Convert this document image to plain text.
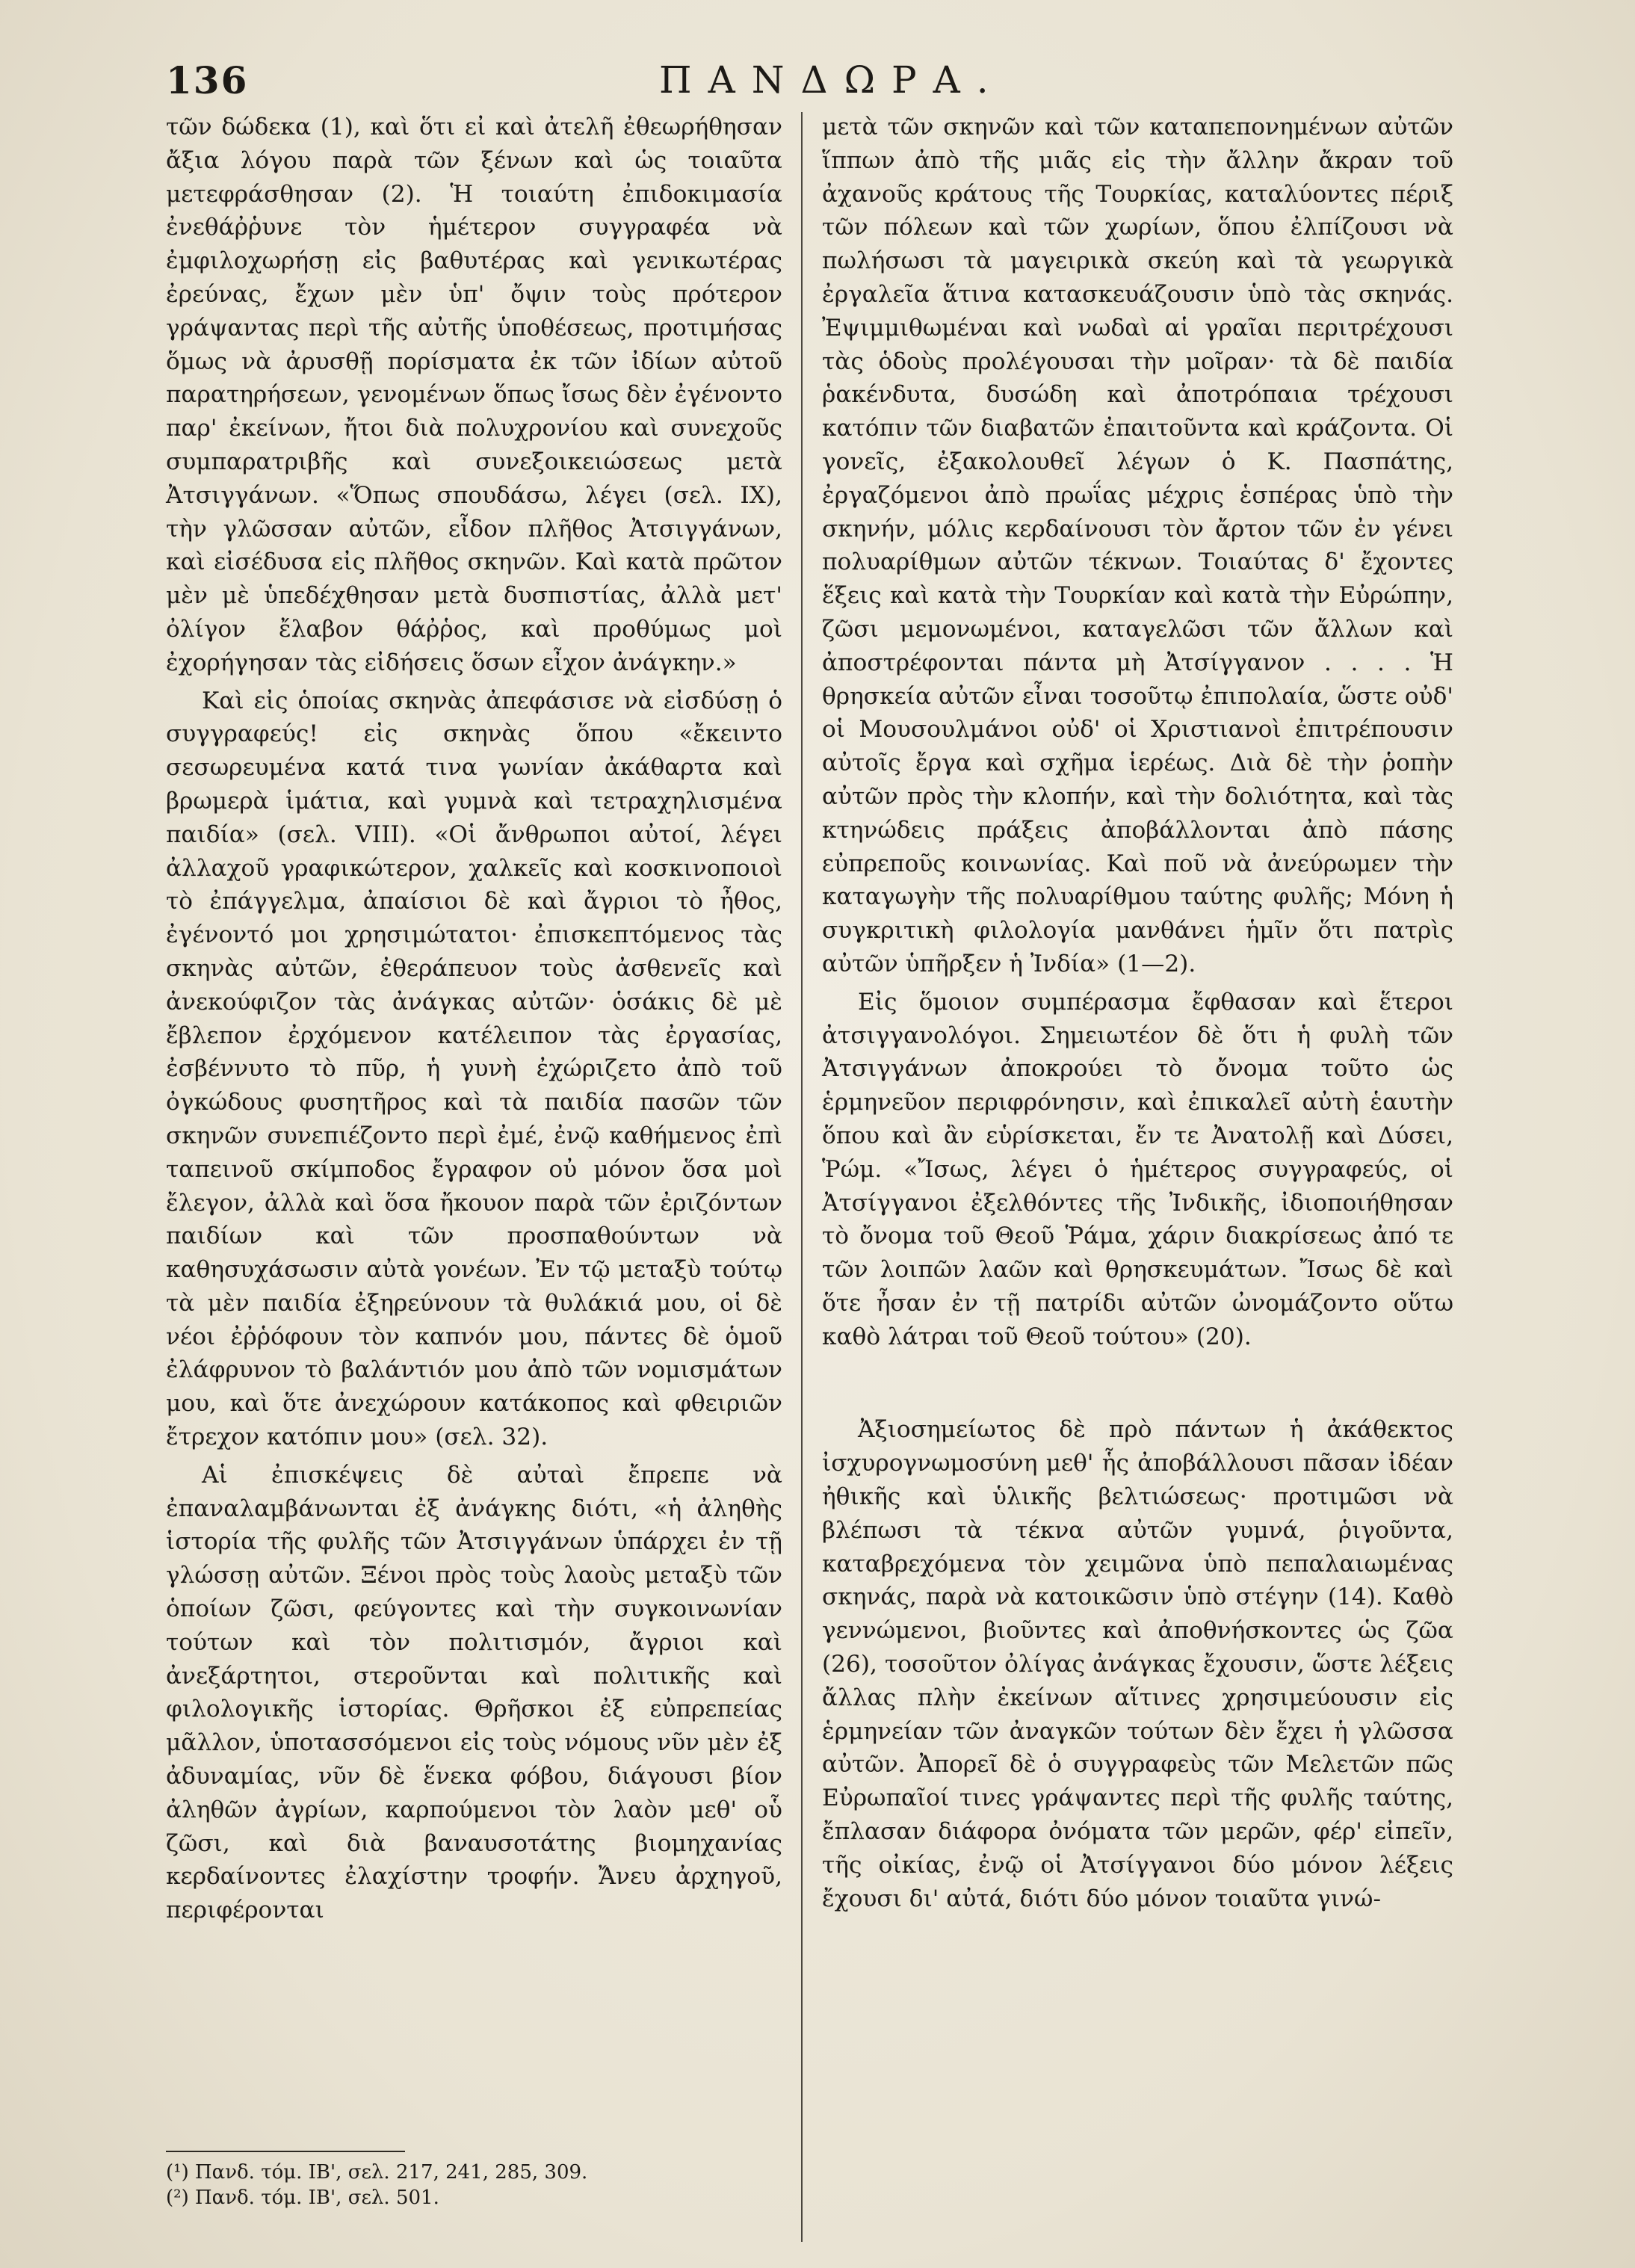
136	ΠΑΝΔΩΡΑ.

τῶν δώδεκα (1), καὶ ὅτι εἰ καὶ ἀτελῆ ἐθεωρήθησαν ἄξια λόγου παρὰ τῶν ξένων καὶ ὡς τοιαῦτα μετεφράσθησαν (2). Ἡ τοιαύτη ἐπιδοκιμασία ἐνεθάῤῥυνε τὸν ἡμέτερον συγγραφέα νὰ ἐμφιλοχωρήσῃ εἰς βαθυτέρας καὶ γενικωτέρας ἐρεύνας, ἔχων μὲν ὑπ' ὄψιν τοὺς πρότερον γράψαντας περὶ τῆς αὐτῆς ὑποθέσεως, προτιμήσας ὅμως νὰ ἀρυσθῇ πορίσματα ἐκ τῶν ἰδίων αὐτοῦ παρατηρήσεων, γενομένων ὅπως ἴσως δὲν ἐγένοντο παρ' ἐκείνων, ἤτοι διὰ πολυχρονίου καὶ συνεχοῦς συμπαρατριβῆς καὶ συνεξοικειώσεως μετὰ Ἀτσιγγάνων. «Ὅπως σπουδάσω, λέγει (σελ. IX), τὴν γλῶσσαν αὐτῶν, εἶδον πλῆθος Ἀτσιγγάνων, καὶ εἰσέδυσα εἰς πλῆθος σκηνῶν. Καὶ κατὰ πρῶτον μὲν μὲ ὑπεδέχθησαν μετὰ δυσπιστίας, ἀλλὰ μετ' ὀλίγον ἔλαβον θάῤῥος, καὶ προθύμως μοὶ ἐχορήγησαν τὰς εἰδήσεις ὅσων εἶχον ἀνάγκην.»

Καὶ εἰς ὁποίας σκηνὰς ἀπεφάσισε νὰ εἰσδύσῃ ὁ συγγραφεύς! εἰς σκηνὰς ὅπου «ἔκειντο σεσωρευμένα κατά τινα γωνίαν ἀκάθαρτα καὶ βρωμερὰ ἱμάτια, καὶ γυμνὰ καὶ τετραχηλισμένα παιδία» (σελ. VIII). «Οἱ ἄνθρωποι αὐτοί, λέγει ἀλλαχοῦ γραφικώτερον, χαλκεῖς καὶ κοσκινοποιοὶ τὸ ἐπάγγελμα, ἀπαίσιοι δὲ καὶ ἄγριοι τὸ ἦθος, ἐγένοντό μοι χρησιμώτατοι· ἐπισκεπτόμενος τὰς σκηνὰς αὐτῶν, ἐθεράπευον τοὺς ἀσθενεῖς καὶ ἀνεκούφιζον τὰς ἀνάγκας αὐτῶν· ὁσάκις δὲ μὲ ἔβλεπον ἐρχόμενον κατέλειπον τὰς ἐργασίας, ἐσβέννυτο τὸ πῦρ, ἡ γυνὴ ἐχώριζετο ἀπὸ τοῦ ὀγκώδους φυσητῆρος καὶ τὰ παιδία πασῶν τῶν σκηνῶν συνεπιέζοντο περὶ ἐμέ, ἐνῷ καθήμενος ἐπὶ ταπεινοῦ σκίμποδος ἔγραφον οὐ μόνον ὅσα μοὶ ἔλεγον, ἀλλὰ καὶ ὅσα ἤκουον παρὰ τῶν ἐριζόντων παιδίων καὶ τῶν προσπαθούντων νὰ καθησυχάσωσιν αὐτὰ γονέων. Ἐν τῷ μεταξὺ τούτῳ τὰ μὲν παιδία ἐξηρεύνουν τὰ θυλάκιά μου, οἱ δὲ νέοι ἐῤῥόφουν τὸν καπνόν μου, πάντες δὲ ὁμοῦ ἐλάφρυνον τὸ βαλάντιόν μου ἀπὸ τῶν νομισμάτων μου, καὶ ὅτε ἀνεχώρουν κατάκοπος καὶ φθειριῶν ἔτρεχον κατόπιν μου» (σελ. 32).

Αἱ ἐπισκέψεις δὲ αὐταὶ ἔπρεπε νὰ ἐπαναλαμβάνωνται ἐξ ἀνάγκης διότι, «ἡ ἀληθὴς ἱστορία τῆς φυλῆς τῶν Ἀτσιγγάνων ὑπάρχει ἐν τῇ γλώσσῃ αὐτῶν. Ξένοι πρὸς τοὺς λαοὺς μεταξὺ τῶν ὁποίων ζῶσι, φεύγοντες καὶ τὴν συγκοινωνίαν τούτων καὶ τὸν πολιτισμόν, ἄγριοι καὶ ἀνεξάρτητοι, στεροῦνται καὶ πολιτικῆς καὶ φιλολογικῆς ἱστορίας. Θρῆσκοι ἐξ εὐπρεπείας μᾶλλον, ὑποτασσόμενοι εἰς τοὺς νόμους νῦν μὲν ἐξ ἀδυναμίας, νῦν δὲ ἕνεκα φόβου, διάγουσι βίον ἀληθῶν ἀγρίων, καρπούμενοι τὸν λαὸν μεθ' οὗ ζῶσι, καὶ διὰ βαναυσοτάτης βιομηχανίας κερδαίνοντες ἐλαχίστην τροφήν. Ἄνευ ἀρχηγοῦ, περιφέρονται

μετὰ τῶν σκηνῶν καὶ τῶν καταπεπονημένων αὐτῶν ἵππων ἀπὸ τῆς μιᾶς εἰς τὴν ἄλλην ἄκραν τοῦ ἀχανοῦς κράτους τῆς Τουρκίας, καταλύοντες πέριξ τῶν πόλεων καὶ τῶν χωρίων, ὅπου ἐλπίζουσι νὰ πωλήσωσι τὰ μαγειρικὰ σκεύη καὶ τὰ γεωργικὰ ἐργαλεῖα ἅτινα κατασκευάζουσιν ὑπὸ τὰς σκηνάς. Ἐψιμμιθωμέναι καὶ νωδαὶ αἱ γραῖαι περιτρέχουσι τὰς ὁδοὺς προλέγουσαι τὴν μοῖραν· τὰ δὲ παιδία ῥακένδυτα, δυσώδη καὶ ἀποτρόπαια τρέχουσι κατόπιν τῶν διαβατῶν ἐπαιτοῦντα καὶ κράζοντα. Οἱ γονεῖς, ἐξακολουθεῖ λέγων ὁ Κ. Πασπάτης, ἐργαζόμενοι ἀπὸ πρωΐας μέχρις ἑσπέρας ὑπὸ τὴν σκηνήν, μόλις κερδαίνουσι τὸν ἄρτον τῶν ἐν γένει πολυαρίθμων αὐτῶν τέκνων. Τοιαύτας δ' ἔχοντες ἕξεις καὶ κατὰ τὴν Τουρκίαν καὶ κατὰ τὴν Εὐρώπην, ζῶσι μεμονωμένοι, καταγελῶσι τῶν ἄλλων καὶ ἀποστρέφονται πάντα μὴ Ἀτσίγγανον . . . . Ἡ θρησκεία αὐτῶν εἶναι τοσοῦτῳ ἐπιπολαία, ὥστε οὐδ' οἱ Μουσουλμάνοι οὐδ' οἱ Χριστιανοὶ ἐπιτρέπουσιν αὐτοῖς ἔργα καὶ σχῆμα ἱερέως. Διὰ δὲ τὴν ῥοπὴν αὐτῶν πρὸς τὴν κλοπήν, καὶ τὴν δολιότητα, καὶ τὰς κτηνώδεις πράξεις ἀποβάλλονται ἀπὸ πάσης εὐπρεποῦς κοινωνίας. Καὶ ποῦ νὰ ἀνεύρωμεν τὴν καταγωγὴν τῆς πολυαρίθμου ταύτης φυλῆς; Μόνη ἡ συγκριτικὴ φιλολογία μανθάνει ἡμῖν ὅτι πατρὶς αὐτῶν ὑπῆρξεν ἡ Ἰνδία» (1—2).

Εἰς ὅμοιον συμπέρασμα ἔφθασαν καὶ ἕτεροι ἀτσιγγανολόγοι. Σημειωτέον δὲ ὅτι ἡ φυλὴ τῶν Ἀτσιγγάνων ἀποκρούει τὸ ὄνομα τοῦτο ὡς ἑρμηνεῦον περιφρόνησιν, καὶ ἐπικαλεῖ αὐτὴ ἑαυτὴν ὅπου καὶ ἂν εὑρίσκεται, ἔν τε Ἀνατολῇ καὶ Δύσει, Ῥώμ. «Ἴσως, λέγει ὁ ἡμέτερος συγγραφεύς, οἱ Ἀτσίγγανοι ἐξελθόντες τῆς Ἰνδικῆς, ἰδιοποιήθησαν τὸ ὄνομα τοῦ Θεοῦ Ῥάμα, χάριν διακρίσεως ἀπό τε τῶν λοιπῶν λαῶν καὶ θρησκευμάτων. Ἴσως δὲ καὶ ὅτε ἦσαν ἐν τῇ πατρίδι αὐτῶν ὠνομάζοντο οὕτω καθὸ λάτραι τοῦ Θεοῦ τούτου» (20).

Ἀξιοσημείωτος δὲ πρὸ πάντων ἡ ἀκάθεκτος ἰσχυρογνωμοσύνη μεθ' ἧς ἀποβάλλουσι πᾶσαν ἰδέαν ἠθικῆς καὶ ὑλικῆς βελτιώσεως· προτιμῶσι νὰ βλέπωσι τὰ τέκνα αὐτῶν γυμνά, ῥιγοῦντα, καταβρεχόμενα τὸν χειμῶνα ὑπὸ πεπαλαιωμένας σκηνάς, παρὰ νὰ κατοικῶσιν ὑπὸ στέγην (14). Καθὸ γεννώμενοι, βιοῦντες καὶ ἀποθνήσκοντες ὡς ζῶα (26), τοσοῦτον ὀλίγας ἀνάγκας ἔχουσιν, ὥστε λέξεις ἄλλας πλὴν ἐκείνων αἵτινες χρησιμεύουσιν εἰς ἑρμηνείαν τῶν ἀναγκῶν τούτων δὲν ἔχει ἡ γλῶσσα αὐτῶν. Ἀπορεῖ δὲ ὁ συγγραφεὺς τῶν Μελετῶν πῶς Εὐρωπαῖοί τινες γράψαντες περὶ τῆς φυλῆς ταύτης, ἔπλασαν διάφορα ὀνόματα τῶν μερῶν, φέρ' εἰπεῖν, τῆς οἰκίας, ἐνῷ οἱ Ἀτσίγγανοι δύο μόνον λέξεις ἔχουσι δι' αὐτά, διότι δύο μόνον τοιαῦτα γινώ-

(¹) Πανδ. τόμ. ΙΒ', σελ. 217, 241, 285, 309.

(²) Πανδ. τόμ. ΙΒ', σελ. 501.
